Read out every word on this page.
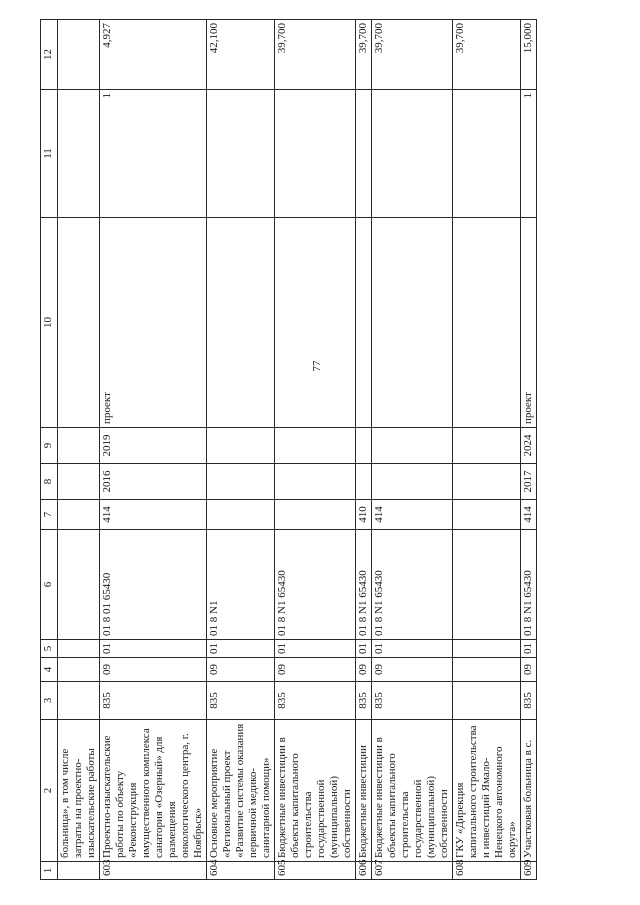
77
1	2	3	4	5	6	7	8	9	10	11	12
	больница», в том числе затраты на проектно-изыскательские работы										
603	Проектно-изыскательские работы по объекту «Реконструкция имущественного комплекса санатория «Озерный» для размещения онкологического центра, г. Ноябрьск»	835	09	01	01 8 01 65430	414	2016	2019	проект	1	4,927
604	Основное мероприятие «Региональный проект «Развитие системы оказания первичной медико-санитарной помощи»	835	09	01	01 8 N1						42,100
605	Бюджетные инвестиции в объекты капитального строительства государственной (муниципальной) собственности	835	09	01	01 8 N1 65430						39,700
606	Бюджетные инвестиции	835	09	01	01 8 N1 65430	410					39,700
607	Бюджетные инвестиции в объекты капитального строительства государственной (муниципальной) собственности	835	09	01	01 8 N1 65430	414					39,700
608	ГКУ «Дирекция капитального строительства и инвестиций Ямало-Ненецкого автономного округа»										39,700
609	Участковая больница в с.	835	09	01	01 8 N1 65430	414	2017	2024	проект	1	15,000
